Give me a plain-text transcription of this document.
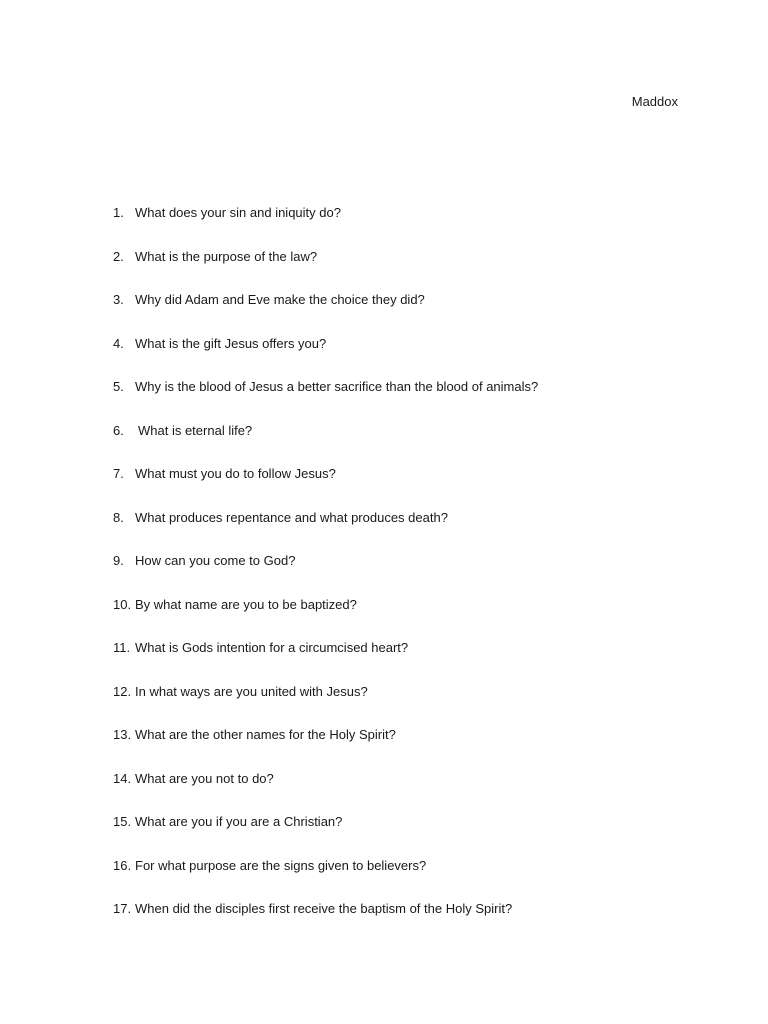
Maddox
1. What does your sin and iniquity do?
2. What is the purpose of the law?
3. Why did Adam and Eve make the choice they did?
4. What is the gift Jesus offers you?
5. Why is the blood of Jesus a better sacrifice than the blood of animals?
6.	What is eternal life?
7. What must you do to follow Jesus?
8. What produces repentance and what produces death?
9. How can you come to God?
10. By what name are you to be baptized?
11. What is Gods intention for a circumcised heart?
12. In what ways are you united with Jesus?
13. What are the other names for the Holy Spirit?
14. What are you not to do?
15. What are you if you are a Christian?
16. For what purpose are the signs given to believers?
17. When did the disciples first receive the baptism of the Holy Spirit?
